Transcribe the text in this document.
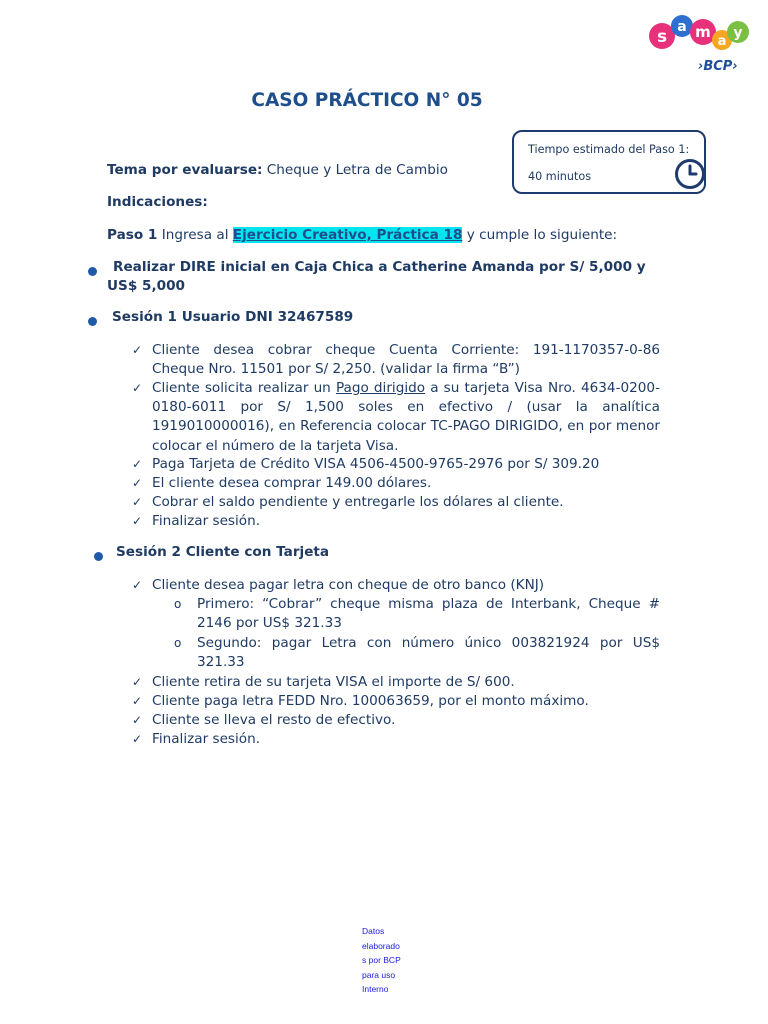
s a m
a
y
›BCP›
CASO PRÁCTICO N° 05
Tiempo estimado del Paso 1:
40 minutos
Tema por evaluarse: Cheque y Letra de Cambio
Indicaciones:
Paso 1 Ingresa al Ejercicio Creativo, Práctica 18 y cumple lo siguiente:
Realizar DIRE inicial en Caja Chica a Catherine Amanda por S/ 5,000 y US$ 5,000
Sesión 1 Usuario DNI 32467589
✓ Cliente desea cobrar cheque Cuenta Corriente: 191-1170357-0-86 Cheque Nro. 11501 por S/ 2,250. (validar la firma “B”)
✓ Cliente solicita realizar un Pago dirigido a su tarjeta Visa Nro. 4634-0200-0180-6011 por S/ 1,500 soles en efectivo / (usar la analítica 1919010000016), en Referencia colocar TC-PAGO DIRIGIDO, en por menor colocar el número de la tarjeta Visa.
✓ Paga Tarjeta de Crédito VISA 4506-4500-9765-2976 por S/ 309.20
✓ El cliente desea comprar 149.00 dólares.
✓ Cobrar el saldo pendiente y entregarle los dólares al cliente.
✓ Finalizar sesión.
Sesión 2 Cliente con Tarjeta
✓ Cliente desea pagar letra con cheque de otro banco (KNJ)
o Primero: “Cobrar” cheque misma plaza de Interbank, Cheque # 2146 por US$ 321.33
o Segundo: pagar Letra con número único 003821924 por US$ 321.33
✓ Cliente retira de su tarjeta VISA el importe de S/ 600.
✓ Cliente paga letra FEDD Nro. 100063659, por el monto máximo.
✓ Cliente se lleva el resto de efectivo.
✓ Finalizar sesión.
Datos
elaborado
s por BCP
para uso
Interno
